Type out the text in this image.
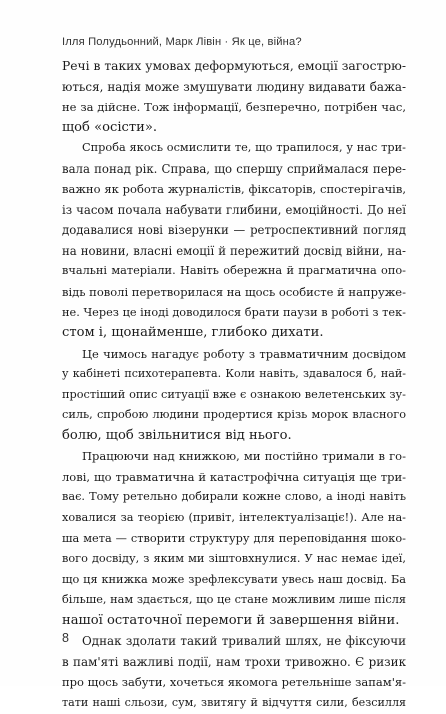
Ілля Полудьонний, Марк Лівін · Як це, війна?
Речі в таких умовах деформуються, емоції загострю-
ються, надія може змушувати людину видавати бажа-
не за дійсне. Тож інформації, безперечно, потрібен час,
щоб «осісти».
Спроба якось осмислити те, що трапилося, у нас три-
вала понад рік. Справа, що спершу сприймалася пере-
важно як робота журналістів, фіксаторів, спостерігачів,
із часом почала набувати глибини, емоційності. До неї
додавалися нові візерунки — ретроспективний погляд
на новини, власні емоції й пережитий досвід війни, на-
вчальні матеріали. Навіть обережна й прагматична опо-
відь поволі перетворилася на щось особисте й напруже-
не. Через це іноді доводилося брати паузи в роботі з тек-
стом і, щонайменше, глибоко дихати.
Це чимось нагадує роботу з травматичним досвідом
у кабінеті психотерапевта. Коли навіть, здавалося б, най-
простіший опис ситуації вже є ознакою велетенських зу-
силь, спробою людини продертися крізь морок власного
болю, щоб звільнитися від нього.
Працюючи над книжкою, ми постійно тримали в го-
лові, що травматична й катастрофічна ситуація ще три-
ває. Тому ретельно добирали кожне слово, а іноді навіть
ховалися за теорією (привіт, інтелектуалізаціє!). Але на-
ша мета — створити структуру для переповідання шоко-
вого досвіду, з яким ми зіштовхнулися. У нас немає ідеї,
що ця книжка може зрефлексувати увесь наш досвід. Ба
більше, нам здається, що це стане можливим лише після
нашої остаточної перемоги й завершення війни.
Однак здолати такий тривалий шлях, не фіксуючи
в пам'яті важливі події, нам трохи тривожно. Є ризик
про щось забути, хочеться якомога ретельніше запам'я-
тати наші сльози, сум, звитягу й відчуття сили, безсилля
8
